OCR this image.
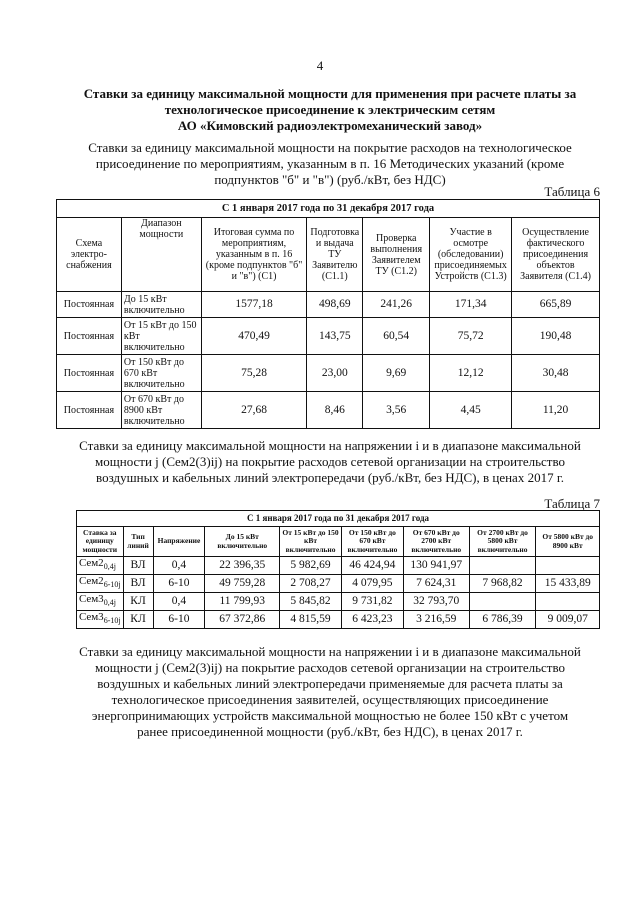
4
Ставки за единицу максимальной мощности для применения при расчете платы за
технологическое присоединение к электрическим сетям
АО «Кимовский радиоэлектромеханический завод»
Ставки за единицу максимальной мощности на покрытие расходов на технологическое
присоединение по мероприятиям, указанным в п. 16 Методических указаний (кроме
подпунктов "б" и "в") (руб./кВт, без НДС)
Таблица 6
С 1 января 2017 года по 31 декабря 2017 года						
Схема электро-снабжения	Диапазон мощности	Итоговая сумма по мероприятиям, указанным в п. 16 (кроме подпунктов "б" и "в") (С1)	Подготовка и выдача ТУ Заявителю (С1.1)	Проверка выполнения Заявителем ТУ (С1.2)	Участие в осмотре (обследовании) присоединяемых Устройств (С1.3)	Осуществление фактического присоединения объектов Заявителя (С1.4)
Постоянная	До 15 кВт включительно	1577,18	498,69	241,26	171,34	665,89
Постоянная	От 15 кВт до 150 кВт включительно	470,49	143,75	60,54	75,72	190,48
Постоянная	От 150 кВт до 670 кВт включительно	75,28	23,00	9,69	12,12	30,48
Постоянная	От 670 кВт до 8900 кВт включительно	27,68	8,46	3,56	4,45	11,20
Ставки за единицу максимальной мощности на напряжении i и в диапазоне максимальной
мощности j (Cем2(3)ij) на покрытие расходов сетевой организации на строительство
воздушных и кабельных линий электропередачи (руб./кВт, без НДС), в ценах 2017 г.
Таблица 7
С 1 января 2017 года по 31 декабря 2017 года								
Ставка за единицу мощности	Тип линий	Напряжение	До 15 кВт включительно	От 15 кВт до 150 кВт включительно	От 150 кВт до 670 кВт включительно	От 670 кВт до 2700 кВт включительно	От 2700 кВт до 5800 кВт включительно	От 5800 кВт до 8900 кВт
$Cем2_{0,4j}$	ВЛ	0,4	22 396,35	5 982,69	46 424,94	130 941,97		
$Cем2_{6-10j}$	ВЛ	6-10	49 759,28	2 708,27	4 079,95	7 624,31	7 968,82	15 433,89
$Cем3_{0,4j}$	КЛ	0,4	11 799,93	5 845,82	9 731,82	32 793,70		
$Cем3_{6-10j}$	КЛ	6-10	67 372,86	4 815,59	6 423,23	3 216,59	6 786,39	9 009,07
Ставки за единицу максимальной мощности на напряжении i и в диапазоне максимальной
мощности j (Cем2(3)ij) на покрытие расходов сетевой организации на строительство
воздушных и кабельных линий электропередачи применяемые для расчета платы за
технологическое присоединения заявителей, осуществляющих присоединение
энергопринимающих устройств максимальной мощностью не более 150 кВт с учетом
ранее присоединенной мощности (руб./кВт, без НДС), в ценах 2017 г.
